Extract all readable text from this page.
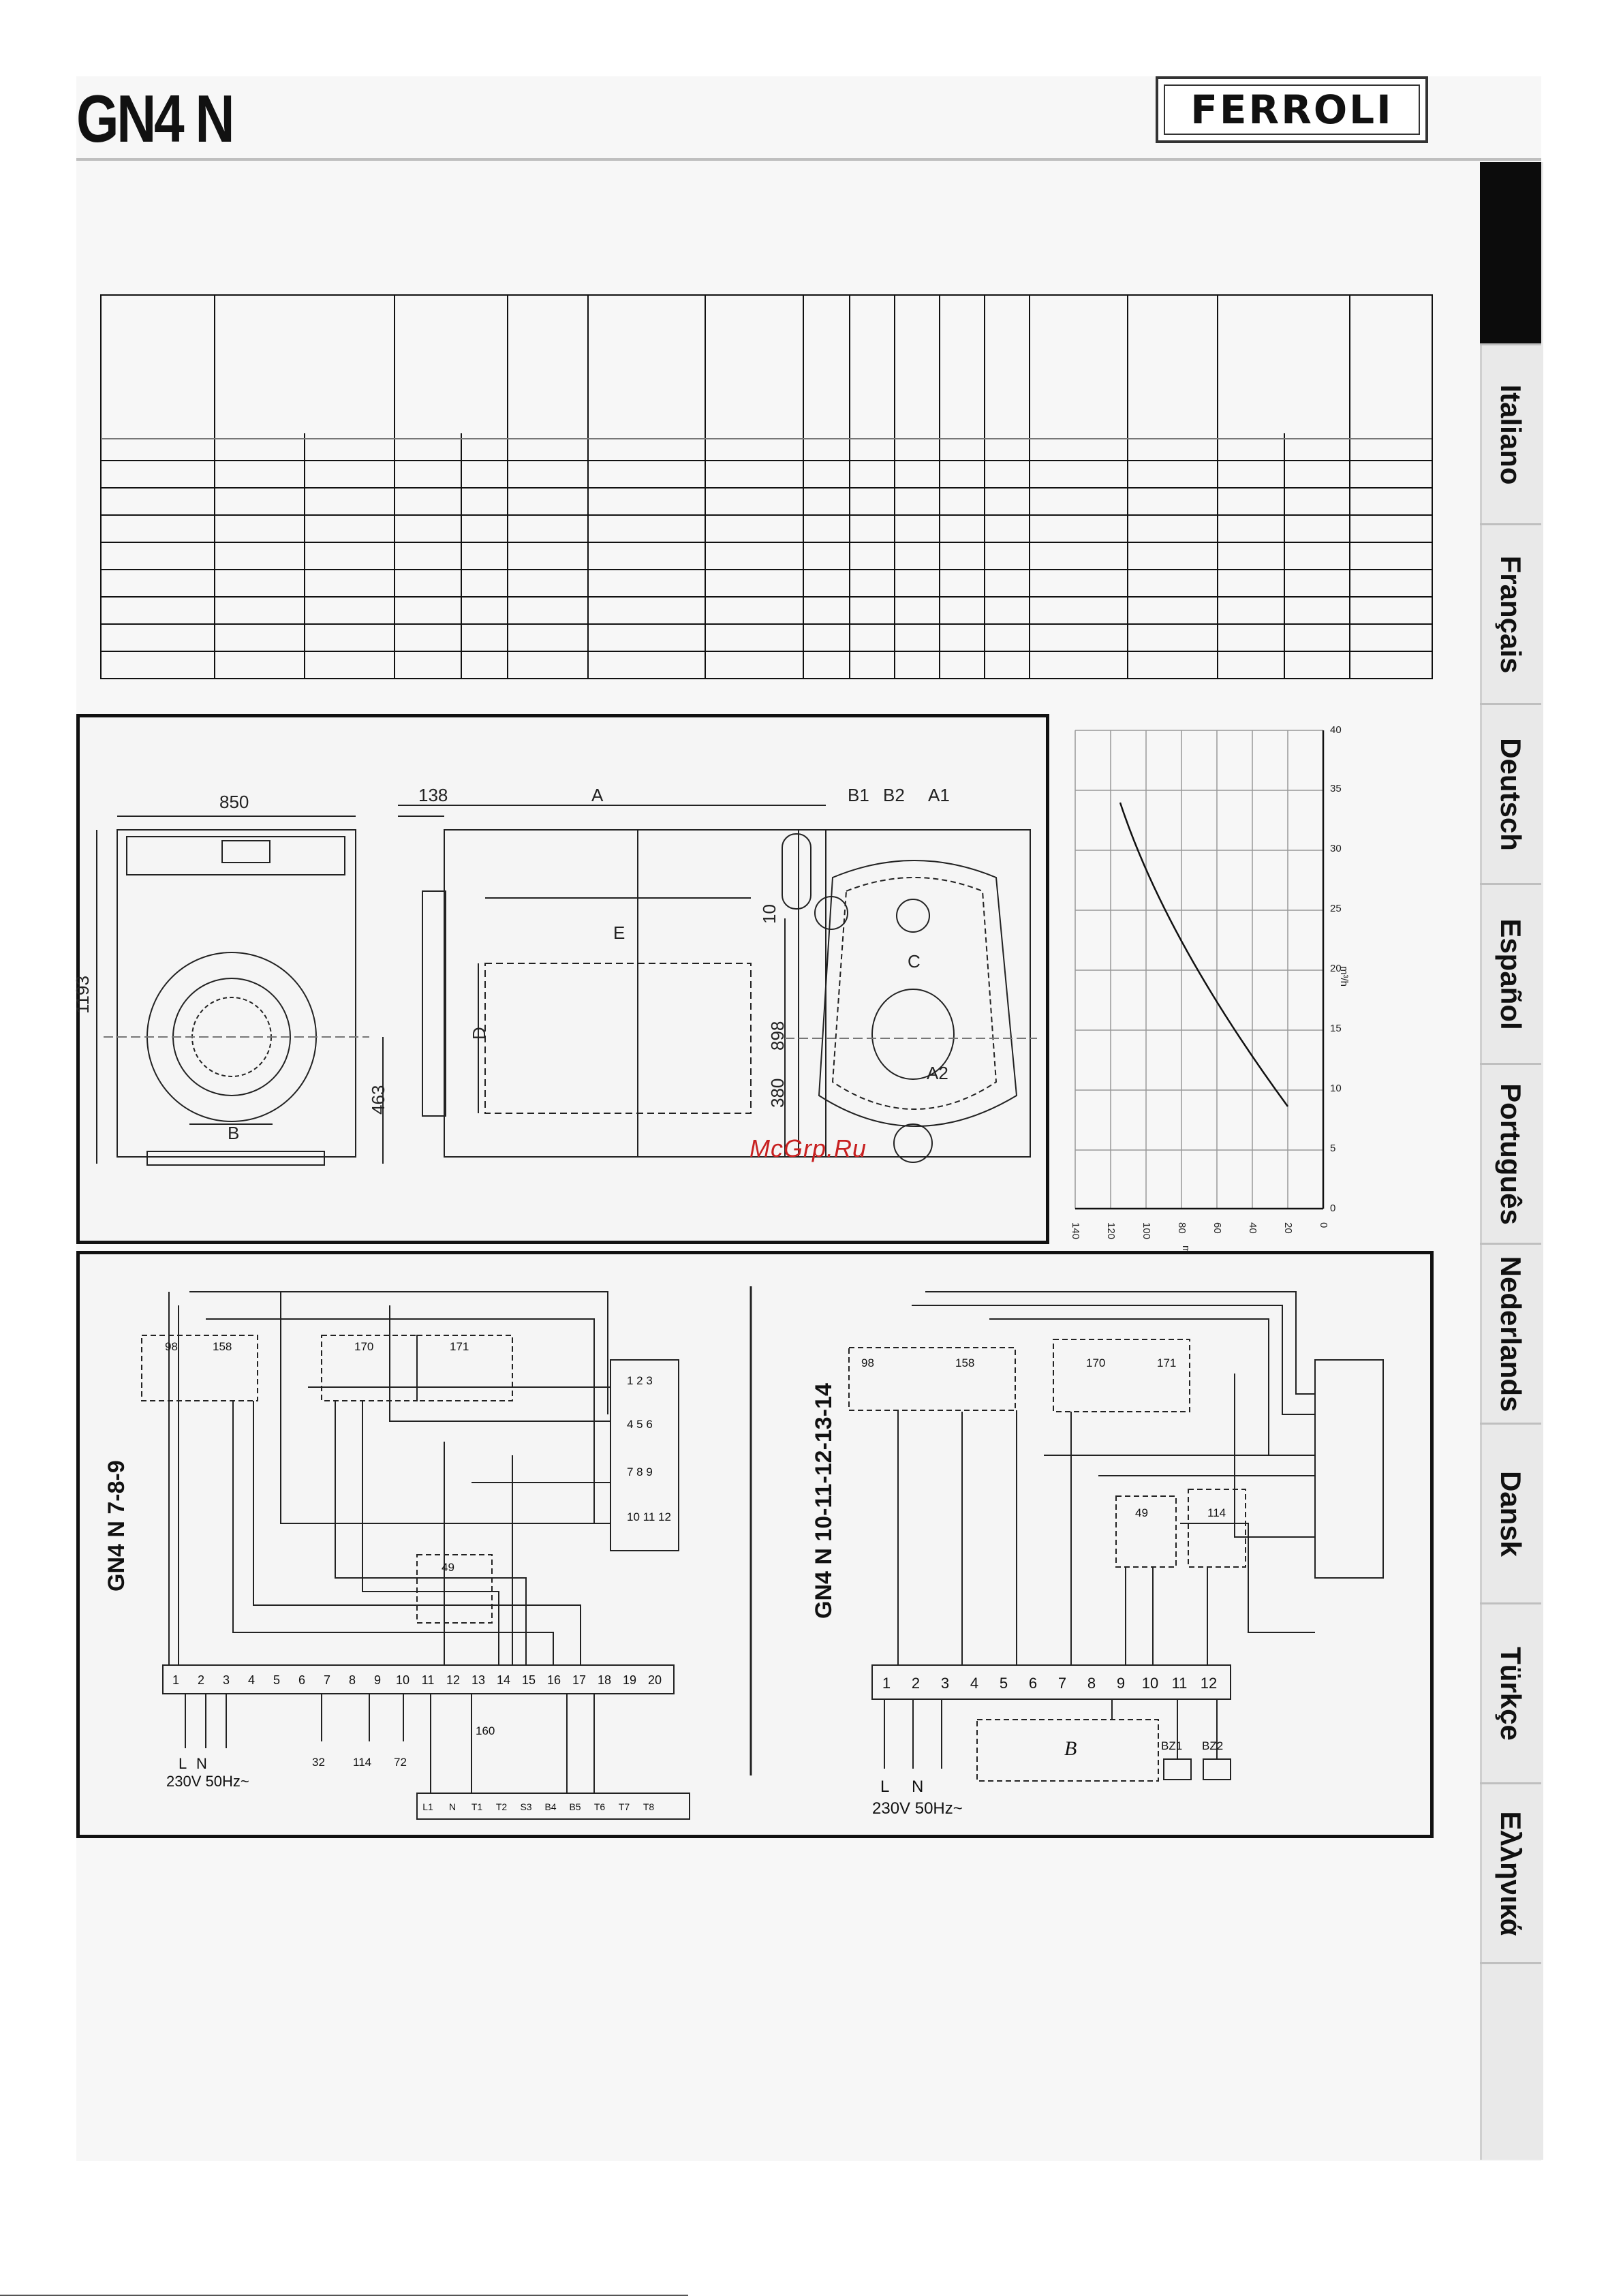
GN4 N	FERROLI
Italiano
Français
Deutsch
Español
Português
Nederlands
Dansk
Türkçe
Ελληνικά
850
1193
463
B
138	A
E
D
10
898
380
C
B1 B2 A1
A2
0
5
10
15
20
25
30
35
40
m³/h
0
20
40
60
80
100
120
140
McGrp.Ru
GN4 N 7-8-9
98	158	170	171
49
32 114 72
160
1 2 3
4 5 6
7 8 9
10 11 12
1 2 3 4 5 6 7 8 9 10 11 12 13 14 15 16 17 18 19 20
L1 N T1 T2 S3 B4 B5 T6 T7 T8
L N
230V 50Hz~
GN4 N 10-11-12-13-14
98	158	170	171
49	114
BZ1 BZ2
B
1 2 3 4 5 6 7 8 9 10 11 12
L N
230V 50Hz~
